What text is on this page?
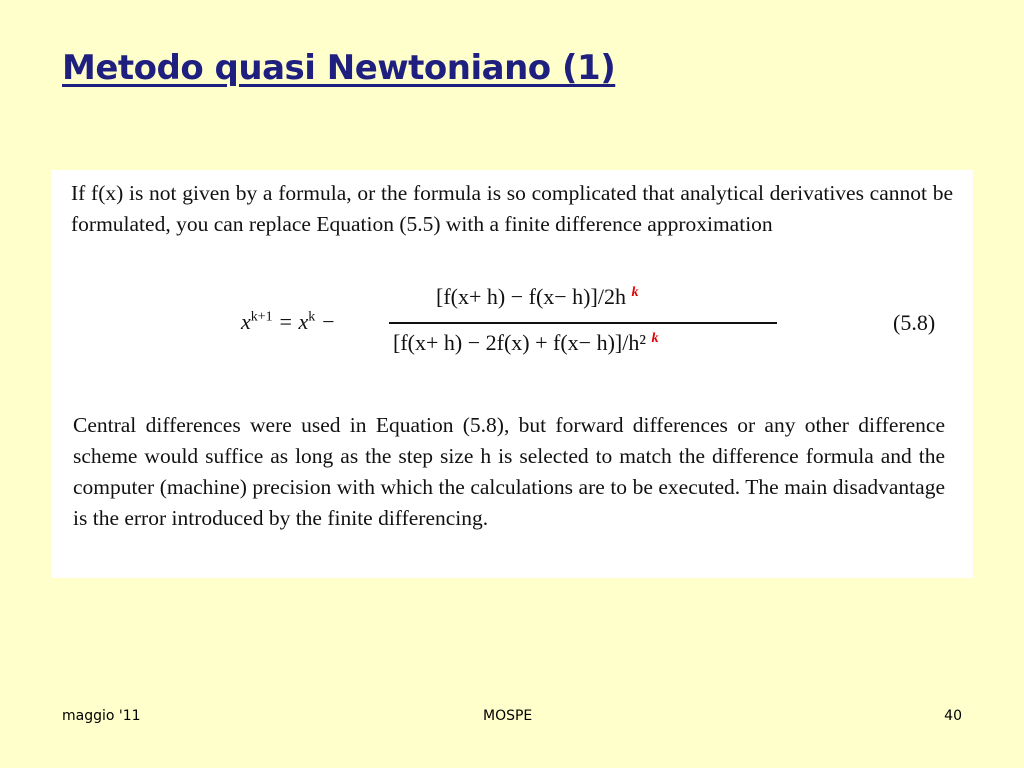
Metodo quasi Newtoniano (1)
If f(x) is not given by a formula, or the formula is so complicated that analytical derivatives cannot be formulated, you can replace Equation (5.5) with a finite difference approximation
$x^{k+1} = x^k$ −
[f(x+ h) − f(x− h)]/2h $^k$
[f(x+ h) − 2f(x) + f(x− h)]/h² $^k$
(5.8)
Central differences were used in Equation (5.8), but forward differences or any other difference scheme would suffice as long as the step size h is selected to match the difference formula and the computer (machine) precision with which the calculations are to be executed. The main disadvantage is the error introduced by the finite differencing.
maggio '11	MOSPE	40
